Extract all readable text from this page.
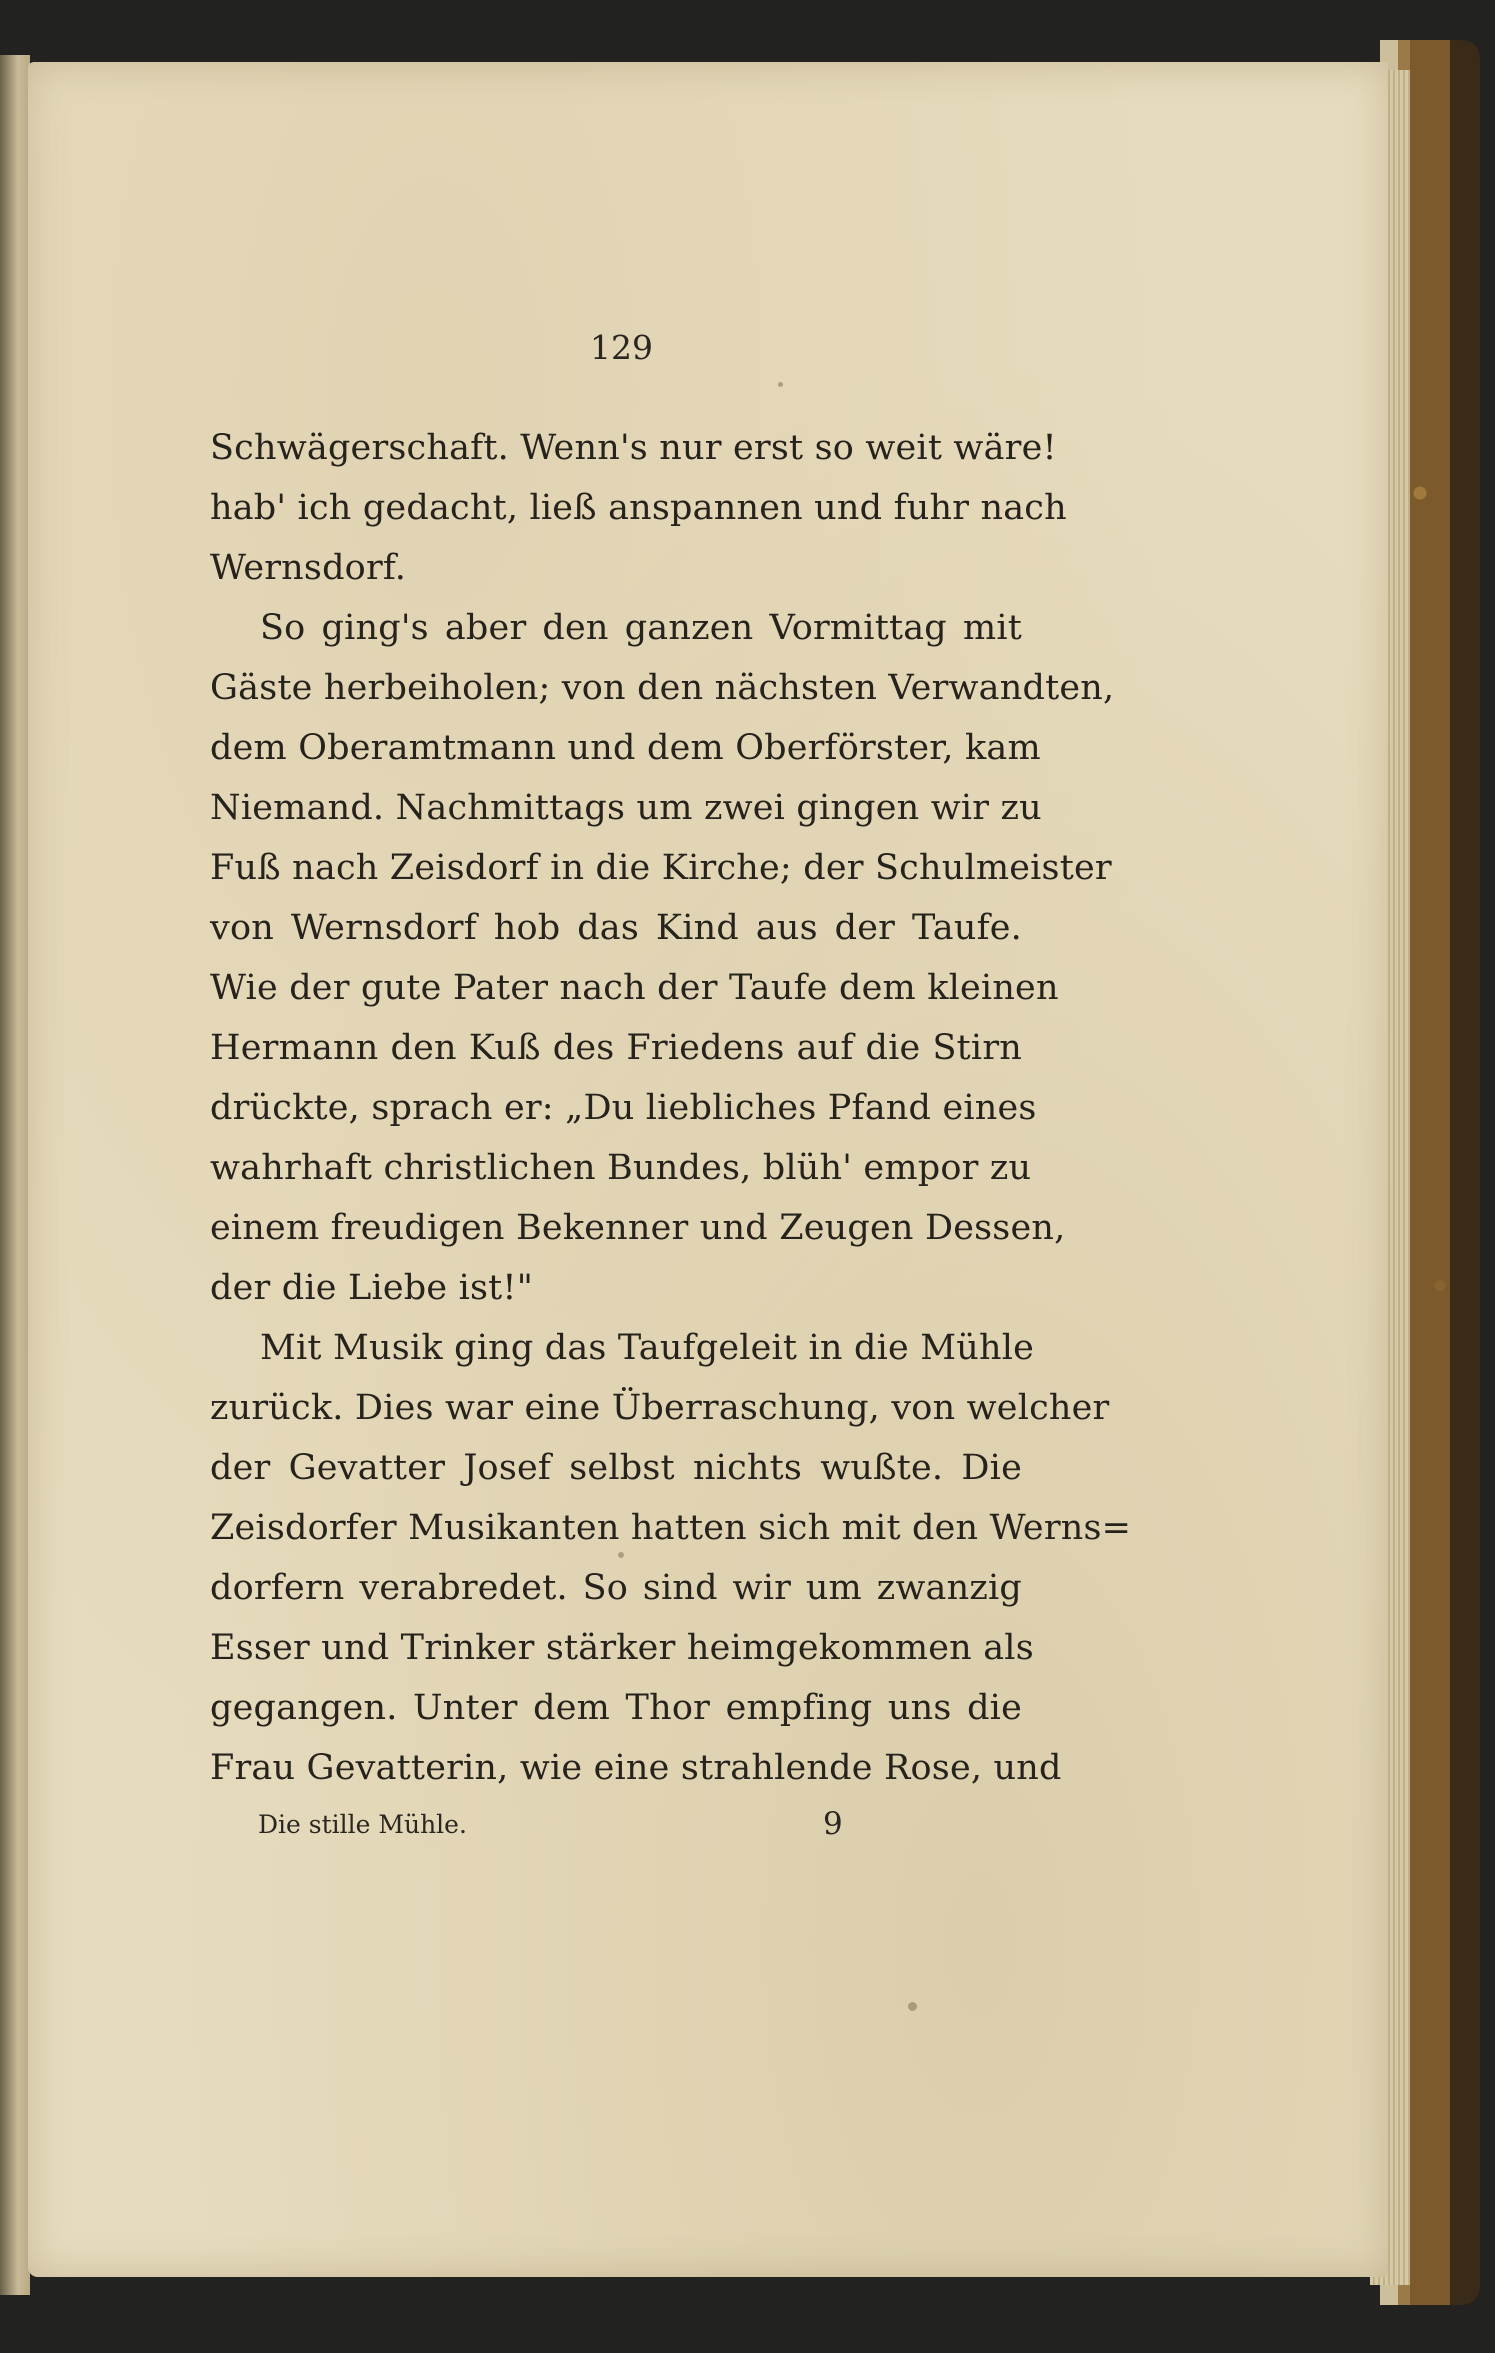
129
Schwägerschaft. Wenn's nur erst so weit wäre!
hab' ich gedacht, ließ anspannen und fuhr nach
Wernsdorf.
So ging's aber den ganzen Vormittag mit
Gäste herbeiholen; von den nächsten Verwandten,
dem Oberamtmann und dem Oberförster, kam
Niemand. Nachmittags um zwei gingen wir zu
Fuß nach Zeisdorf in die Kirche; der Schulmeister
von Wernsdorf hob das Kind aus der Taufe.
Wie der gute Pater nach der Taufe dem kleinen
Hermann den Kuß des Friedens auf die Stirn
drückte, sprach er: „Du liebliches Pfand eines
wahrhaft christlichen Bundes, blüh' empor zu
einem freudigen Bekenner und Zeugen Dessen,
der die Liebe ist!"
Mit Musik ging das Taufgeleit in die Mühle
zurück. Dies war eine Überraschung, von welcher
der Gevatter Josef selbst nichts wußte. Die
Zeisdorfer Musikanten hatten sich mit den Werns=
dorfern verabredet. So sind wir um zwanzig
Esser und Trinker stärker heimgekommen als
gegangen. Unter dem Thor empfing uns die
Frau Gevatterin, wie eine strahlende Rose, und
Die stille Mühle.	9
